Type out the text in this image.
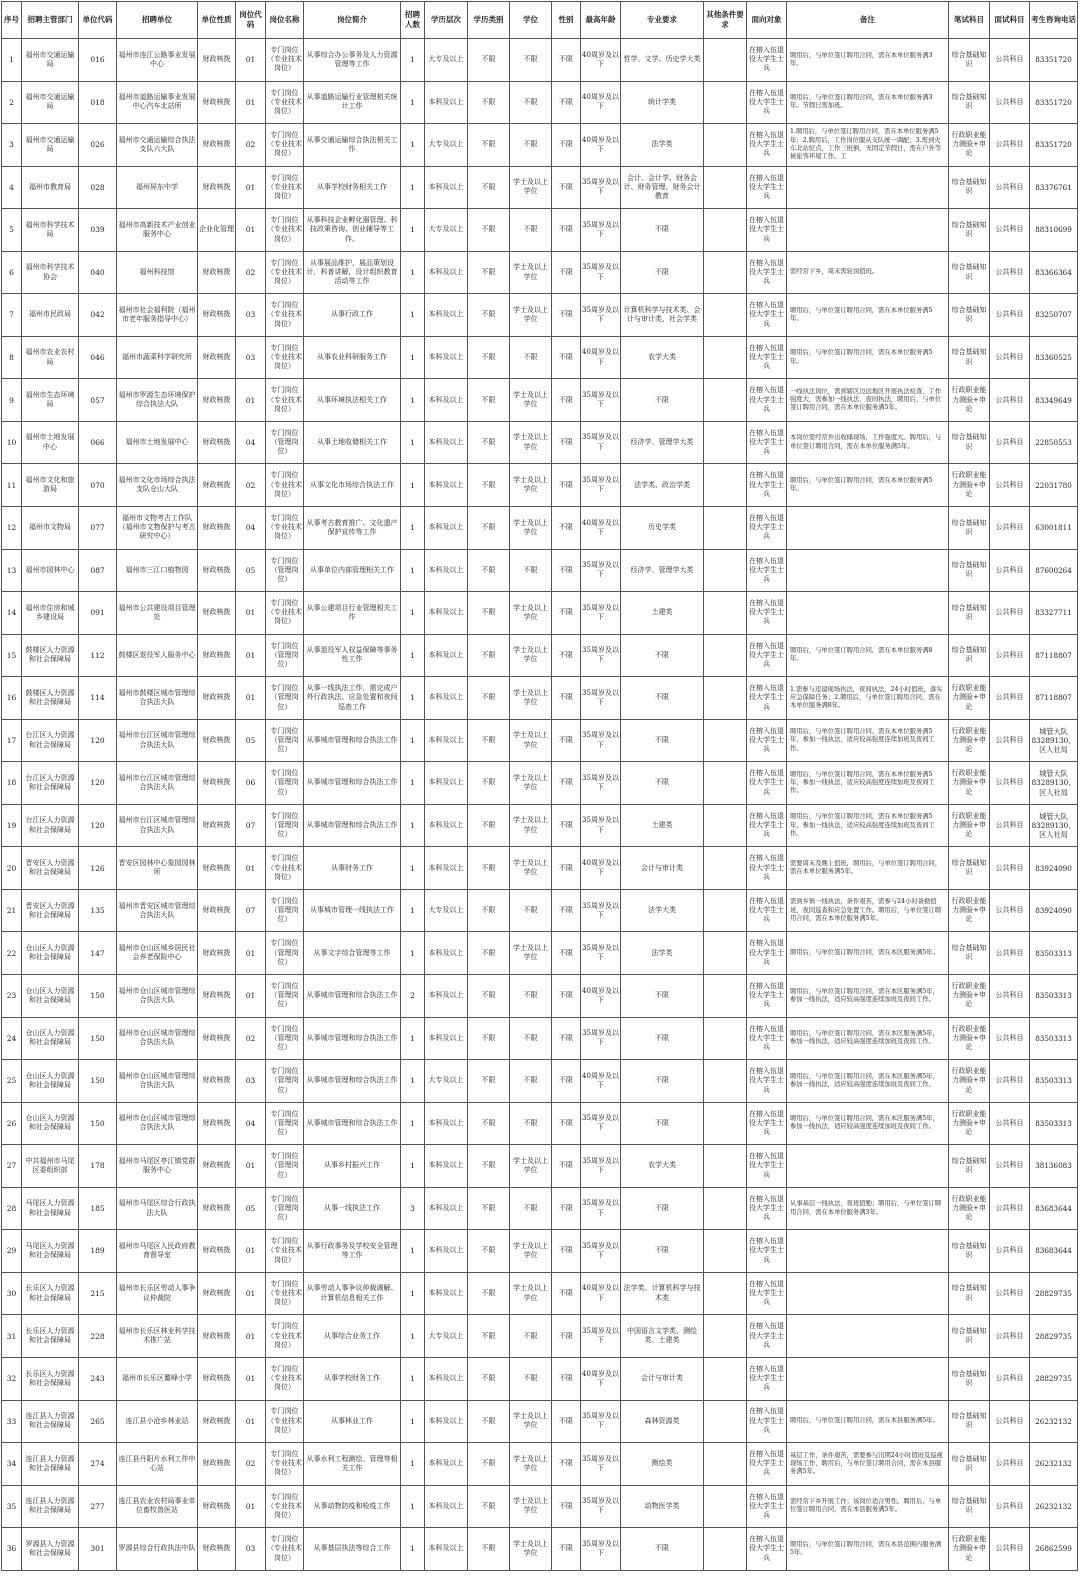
序号	招聘主管部门	单位代码	招聘单位	单位性质	岗位代码	岗位名称	岗位简介	招聘人数	学历层次	学历类别	学位	性别	最高年龄	专业要求	其他条件要求	面向对象	备注	笔试科目	面试科目	考生咨询电话

1	福州市交通运输局	016	福州市连江公路事业发展中心	财政核拨	01	专门岗位（专业技术岗位）	从事综合办公事务及人力资源管理等工作	1	大专及以上	不限	不限	不限	40周岁及以下	哲学、文学、历史学大类		在榕入伍退役大学生士兵	聘用后，与单位签订聘用合同，需在本单位服务满3年。	综合基础知识	公共科目	83351720

2	福州市交通运输局	018	福州市道路运输事业发展中心汽车北站所	财政核拨	01	专门岗位（专业技术岗位）	从事道路运输行业管理相关统计工作	1	本科及以上	不限	不限	不限	40周岁及以下	统计学类		在榕入伍退役大学生士兵	聘用后，与单位签订聘用合同，需在本单位服务满3年。节假日需加班。	综合基础知识	公共科目	83351720

3	福州市交通运输局	026	福州市交通运输综合执法支队六大队	财政核拨	02	专门岗位（专业技术岗位）	从事交通运输综合执法相关工作	1	大专及以上	不限	不限	不限	40周岁及以下	法学类		在榕入伍退役大学生士兵	1.聘用后，与单位签订聘用合同，需在本单位服务满5年；2.聘用后，工作岗位服从支队统一调配；3.需到火车北站驻点，工作三班倒，无固定节假日，需在户外等候旅客环境工作。工	行政职业能力测验+申论	公共科目	83351720

4	福州市教育局	028	福州屏东中学	财政核拨	01	专门岗位（专业技术岗位）	从事学校财务相关工作	1	本科及以上	不限	学士及以上学位	不限	35周岁及以下	会计、会计学、财务会计、财务管理、财务会计教育		在榕入伍退役大学生士兵		综合基础知识	公共科目	83376761

5	福州市科学技术局	039	福州市高新技术产业创业服务中心	企业化管理	01	专门岗位（专业技术岗位）	从事科技企业孵化器管理、科技政策咨询、创业辅导等工作。	1	大专及以上	不限	不限	不限	35周岁及以下	不限		在榕入伍退役大学生士兵		综合基础知识	公共科目	88310699

6	福州市科学技术协会	040	福州科技馆	财政核拨	02	专门岗位（专业技术岗位）	从事展品维护，展品策划设计，科普讲解，设计组织教育活动等工作	1	本科及以上	不限	学士及以上学位	不限	35周岁及以下	不限		在榕入伍退役大学生士兵	需经常下乡，周末需轮岗值班。	综合基础知识	公共科目	83366364

7	福州市民政局	042	福州市社会福利院（福州市老年服务指导中心）	财政核拨	03	专门岗位（专业技术岗位）	从事行政工作	1	本科及以上	不限	学士及以上学位	不限	35周岁及以下	计算机科学与技术类、会计与审计类、社会学类		在榕入伍退役大学生士兵	聘用后，与单位签订聘用合同，需在本单位服务满5年。	综合基础知识	公共科目	83250707

8	福州市农业农村局	046	福州市蔬菜科学研究所	财政核拨	03	专门岗位（专业技术岗位）	从事农业科研服务工作	1	本科及以上	不限	不限	不限	40周岁及以下	农学大类		在榕入伍退役大学生士兵	聘用后，与单位签订聘用合同，需在本单位服务满5年。	综合基础知识	公共科目	83360525

9	福州市生态环境局	057	福州市罗源生态环境保护综合执法大队	财政核拨	01	专门岗位（专业技术岗位）	从事环境执法相关工作	1	本科及以上	不限	学士及以上学位	不限	35周岁及以下	不限		在榕入伍退役大学生士兵	一线执法岗位，需到辖区边远地区开展执法检查，工作强度大，需参加一线执法、夜间执法，聘用后，与单位签订聘用合同，需在本单位服务满5年。	行政职业能力测验+申论	公共科目	83349649

10	福州市土地发展中心	066	福州市土地发展中心	财政核拨	04	专门岗位（管理岗位）	从事土地收储相关工作	1	本科及以上	不限	学士及以上学位	不限	35周岁及以下	经济学、管理学大类		在榕入伍退役大学生士兵	本岗位需经常外出收储现场，工作强度大。聘用后，与单位签订聘用合同，需在本单位服务满5年。	综合基础知识	公共科目	22850553

11	福州市文化和旅游局	070	福州市文化市场综合执法支队仓山大队	财政核拨	02	专门岗位（专业技术岗位）	从事文化市场综合执法工作	1	本科及以上	不限	学士及以上学位	不限	35周岁及以下	法学类、政治学类		在榕入伍退役大学生士兵	聘用后，与单位签订聘用合同，需在本单位服务满5年。	行政职业能力测验+申论	公共科目	22031780

12	福州市文物局	077	福州市文物考古工作队（福州市文物保护与考古研究中心）	财政核拨	04	专门岗位（专业技术岗位）	从事考古教育推广、文化遗产保护宣传等工作	1	本科及以上	不限	学士及以上学位	不限	40周岁及以下	历史学类		在榕入伍退役大学生士兵		综合基础知识	公共科目	63001811

13	福州市园林中心	087	福州市三江口植物园	财政核拨	05	专门岗位（管理岗位）	从事单位内部管理相关工作	1	本科及以上	不限	不限	不限	35周岁及以下	经济学、管理学大类		在榕入伍退役大学生士兵		综合基础知识	公共科目	87600264

14	福州市住房和城乡建设局	091	福州市公共建设项目管理处	财政核拨	01	专门岗位（专业技术岗位）	从事公建项目行业管理相关工作	1	本科及以上	不限	学士及以上学位	不限	35周岁及以下	土建类		在榕入伍退役大学生士兵		综合基础知识	公共科目	83327711

15	鼓楼区人力资源和社会保障局	112	鼓楼区退役军人服务中心	财政核拨	01	专门岗位（管理岗位）	从事退役军人权益保障等事务性工作	1	本科及以上	不限	学士及以上学位	不限	35周岁及以下	不限		在榕入伍退役大学生士兵	聘用后，与单位签订聘用合同，需在本单位服务满8年。	综合基础知识	公共科目	87118807

16	鼓楼区人力资源和社会保障局	114	福州市鼓楼区城市管理综合执法大队	财政核拨	01	专门岗位（管理岗位）	从事一线执法工作，需完成户外行政执法、应急处置和夜间巡查工作	1	本科及以上	不限	学士及以上学位	不限	35周岁及以下	不限		在榕入伍退役大学生士兵	1.需参与违建现场执法，夜间执法，24小时值班，落实应急保障任务；2.聘用后，与单位签订聘用合同，需在本单位服务满8年。	行政职业能力测验+申论	公共科目	87118807

17	台江区人力资源和社会保障局	120	福州市台江区城市管理综合执法大队	财政核拨	05	专门岗位（管理岗位）	从事城市管理和综合执法工作	1	本科及以上	不限	学士及以上学位	不限	35周岁及以下	不限		在榕入伍退役大学生士兵	聘用后，与单位签订聘用合同，需在本单位服务满5年，参加一线执法，适应较高强度连续加班及夜间工作。	行政职业能力测验+申论	公共科目	城管大队83289130、区人社局

18	台江区人力资源和社会保障局	120	福州市台江区城市管理综合执法大队	财政核拨	06	专门岗位（管理岗位）	从事城市管理和综合执法工作	1	本科及以上	不限	学士及以上学位	不限	35周岁及以下	不限		在榕入伍退役大学生士兵	聘用后，与单位签订聘用合同，需在本单位服务满5年，参加一线执法，适应较高强度连续加班及夜间工作。	行政职业能力测验+申论	公共科目	城管大队83289130、区人社局

19	台江区人力资源和社会保障局	120	福州市台江区城市管理综合执法大队	财政核拨	07	专门岗位（管理岗位）	从事城市管理和综合执法工作	1	本科及以上	不限	学士及以上学位	不限	35周岁及以下	土建类		在榕入伍退役大学生士兵	聘用后，与单位签订聘用合同，需在本单位服务满5年，参加一线执法，适应较高强度连续加班及夜间工作。	行政职业能力测验+申论	公共科目	城管大队83289130、区人社局

20	晋安区人力资源和社会保障局	126	晋安区园林中心象园园林所	财政核拨	01	专门岗位（专业技术岗位）	从事财务工作	1	本科及以上	不限	学士及以上学位	不限	40周岁及以下	会计与审计类		在榕入伍退役大学生士兵	需要周末及晚上值班，聘用后，与单位签订聘用合同，需在本单位服务满5年。	综合基础知识	公共科目	83924090

21	晋安区人力资源和社会保障局	135	福州市晋安区城市管理综合执法大队	财政核拨	07	专门岗位（管理岗位）	从事城市管理一线执法工作	1	大专及以上	不限	不限	不限	35周岁及以下	法学大类		在榕入伍退役大学生士兵	需到乡镇一线执法，条件艰苦，需参与24小时备勤值班，夜间巡查和应急处置工作。聘用后，与单位签订聘用合同，需在本单位服务满5年。	行政职业能力测验+申论	公共科目	83924090

22	仓山区人力资源和社会保障局	147	福州市仓山区城乡居民社会养老保险中心	财政核拨	01	专门岗位（管理岗位）	从事文字综合管理等工作	1	本科及以上	不限	学士及以上学位	不限	35周岁及以下	法学类		在榕入伍退役大学生士兵	聘用后，与单位签订聘用合同，需在本区服务满5年。	综合基础知识	公共科目	83503313

23	仓山区人力资源和社会保障局	150	福州市仓山区城市管理综合执法大队	财政核拨	01	专门岗位（管理岗位）	从事城市管理和综合执法工作	2	本科及以上	不限	不限	不限	40周岁及以下	不限		在榕入伍退役大学生士兵	聘用后，与单位签订聘用合同，需在本区服务满5年，参加一线执法，适应较高强度连续加班及夜间工作。	行政职业能力测验+申论	公共科目	83503313

24	仓山区人力资源和社会保障局	150	福州市仓山区城市管理综合执法大队	财政核拨	02	专门岗位（管理岗位）	从事城市管理和综合执法工作	1	本科及以上	不限	不限	不限	35周岁及以下	不限		在榕入伍退役大学生士兵	聘用后，与单位签订聘用合同，需在本区服务满5年，参加一线执法，适应较高强度连续加班及夜间工作。	行政职业能力测验+申论	公共科目	83503313

25	仓山区人力资源和社会保障局	150	福州市仓山区城市管理综合执法大队	财政核拨	03	专门岗位（管理岗位）	从事城市管理和综合执法工作	1	大专及以上	不限	不限	不限	40周岁及以下	不限		在榕入伍退役大学生士兵	聘用后，与单位签订聘用合同，需在本区服务满5年，参加一线执法，适应较高强度连续加班及夜间工作。	行政职业能力测验+申论	公共科目	83503313

26	仓山区人力资源和社会保障局	150	福州市仓山区城市管理综合执法大队	财政核拨	04	专门岗位（管理岗位）	从事城市管理和综合执法工作	1	本科及以上	不限	不限	不限	35周岁及以下	不限		在榕入伍退役大学生士兵	聘用后，与单位签订聘用合同，需在本区服务满5年，参加一线执法，适应较高强度连续加班及夜间工作。	行政职业能力测验+申论	公共科目	83503313

27	中共福州市马尾区委组织部	178	福州市马尾区亭江镇党群服务中心	财政核拨	01	专门岗位（管理岗位）	从事乡村振兴工作	1	本科及以上	不限	学士及以上学位	不限	35周岁及以下	农学大类		在榕入伍退役大学生士兵		综合基础知识	公共科目	38136083

28	马尾区人力资源和社会保障局	185	福州市马尾区综合行政执法大队	财政核拨	05	专门岗位（管理岗位）	从事一线执法工作	3	本科及以上	不限	不限	不限	35周岁及以下	不限		在榕入伍退役大学生士兵	从事基层一线执法，夜班值勤；聘用后，与单位签订聘用合同，需在本单位服务满3年。	行政职业能力测验+申论	公共科目	83683644

29	马尾区人力资源和社会保障局	189	福州市马尾区人民政府教育督导室	财政核拨	01	专门岗位（专业技术岗位）	从事行政事务及学校安全管理等工作	1	本科及以上	不限	学士及以上学位	不限	35周岁及以下	不限		在榕入伍退役大学生士兵		综合基础知识	公共科目	83683644

30	长乐区人力资源和社会保障局	215	福州市长乐区劳动人事争议仲裁院	财政核拨	01	专门岗位（专业技术岗位）	从事劳动人事争议仲裁调解、计算机信息相关工作	1	本科及以上	不限	学士及以上学位	不限	40周岁及以下	法学类、计算机科学与技术类		在榕入伍退役大学生士兵		综合基础知识	公共科目	28829735

31	长乐区人力资源和社会保障局	228	福州市长乐区林业科学技术推广站	财政核拨	01	专门岗位（专业技术岗位）	从事综合业务工作	1	大专及以上	不限	不限	不限	35周岁及以下	中国语言文学类、测绘类、土建类		在榕入伍退役大学生士兵		综合基础知识	公共科目	28829735

32	长乐区人力资源和社会保障局	243	福州市长乐区鳌峰小学	财政核拨	01	专门岗位（专业技术岗位）	从事学校财务工作	1	本科及以上	不限	不限	不限	40周岁及以下	会计与审计类		在榕入伍退役大学生士兵		综合基础知识	公共科目	28829735

33	连江县人力资源和社会保障局	265	连江县小沧乡林业站	财政核拨	01	专门岗位（专业技术岗位）	从事林业工作	1	本科及以上	不限	学士及以上学位	不限	35周岁及以下	森林资源类		在榕入伍退役大学生士兵	聘用后，与单位签订聘用合同，需在本县服务满5年。	综合基础知识	公共科目	26232132

34	连江县人力资源和社会保障局	274	连江县丹阳片水利工作中心站	财政核拨	02	专门岗位（专业技术岗位）	从事水利工程测绘、管理等相关工作	1	本科及以上	不限	学士及以上学位	不限	35周岁及以下	测绘类		在榕入伍退役大学生士兵	基层工作，条件艰苦，需要参与汛期24小时值班及巡视现场工作，聘用后，与单位签订聘用合同，需在本县服务满5年。	综合基础知识	公共科目	26232132

35	连江县人力资源和社会保障局	277	连江县农业农村局事业单位畜牧兽医站	财政核拨	01	专门岗位（专业技术岗位）	从事动物防疫和检疫工作	1	本科及以上	不限	学士及以上学位	不限	35周岁及以下	动物医学类		在榕入伍退役大学生士兵	需经常下乡开展工作；该岗位适合男性。聘用后，与单位签订聘用合同，需在本县服务满5年。	综合基础知识	公共科目	26232132

36	罗源县人力资源和社会保障局	301	罗源县综合行政执法中队	财政核拨	03	专门岗位（专业技术岗位）	从事基层执法等综合工作	1	本科及以上	不限	学士及以上学位	不限	35周岁及以下	不限		在榕入伍退役大学生士兵	聘用后，与单位签订聘用合同，需在本县范围内服务满5年。	行政职业能力测验+申论	公共科目	26862599
